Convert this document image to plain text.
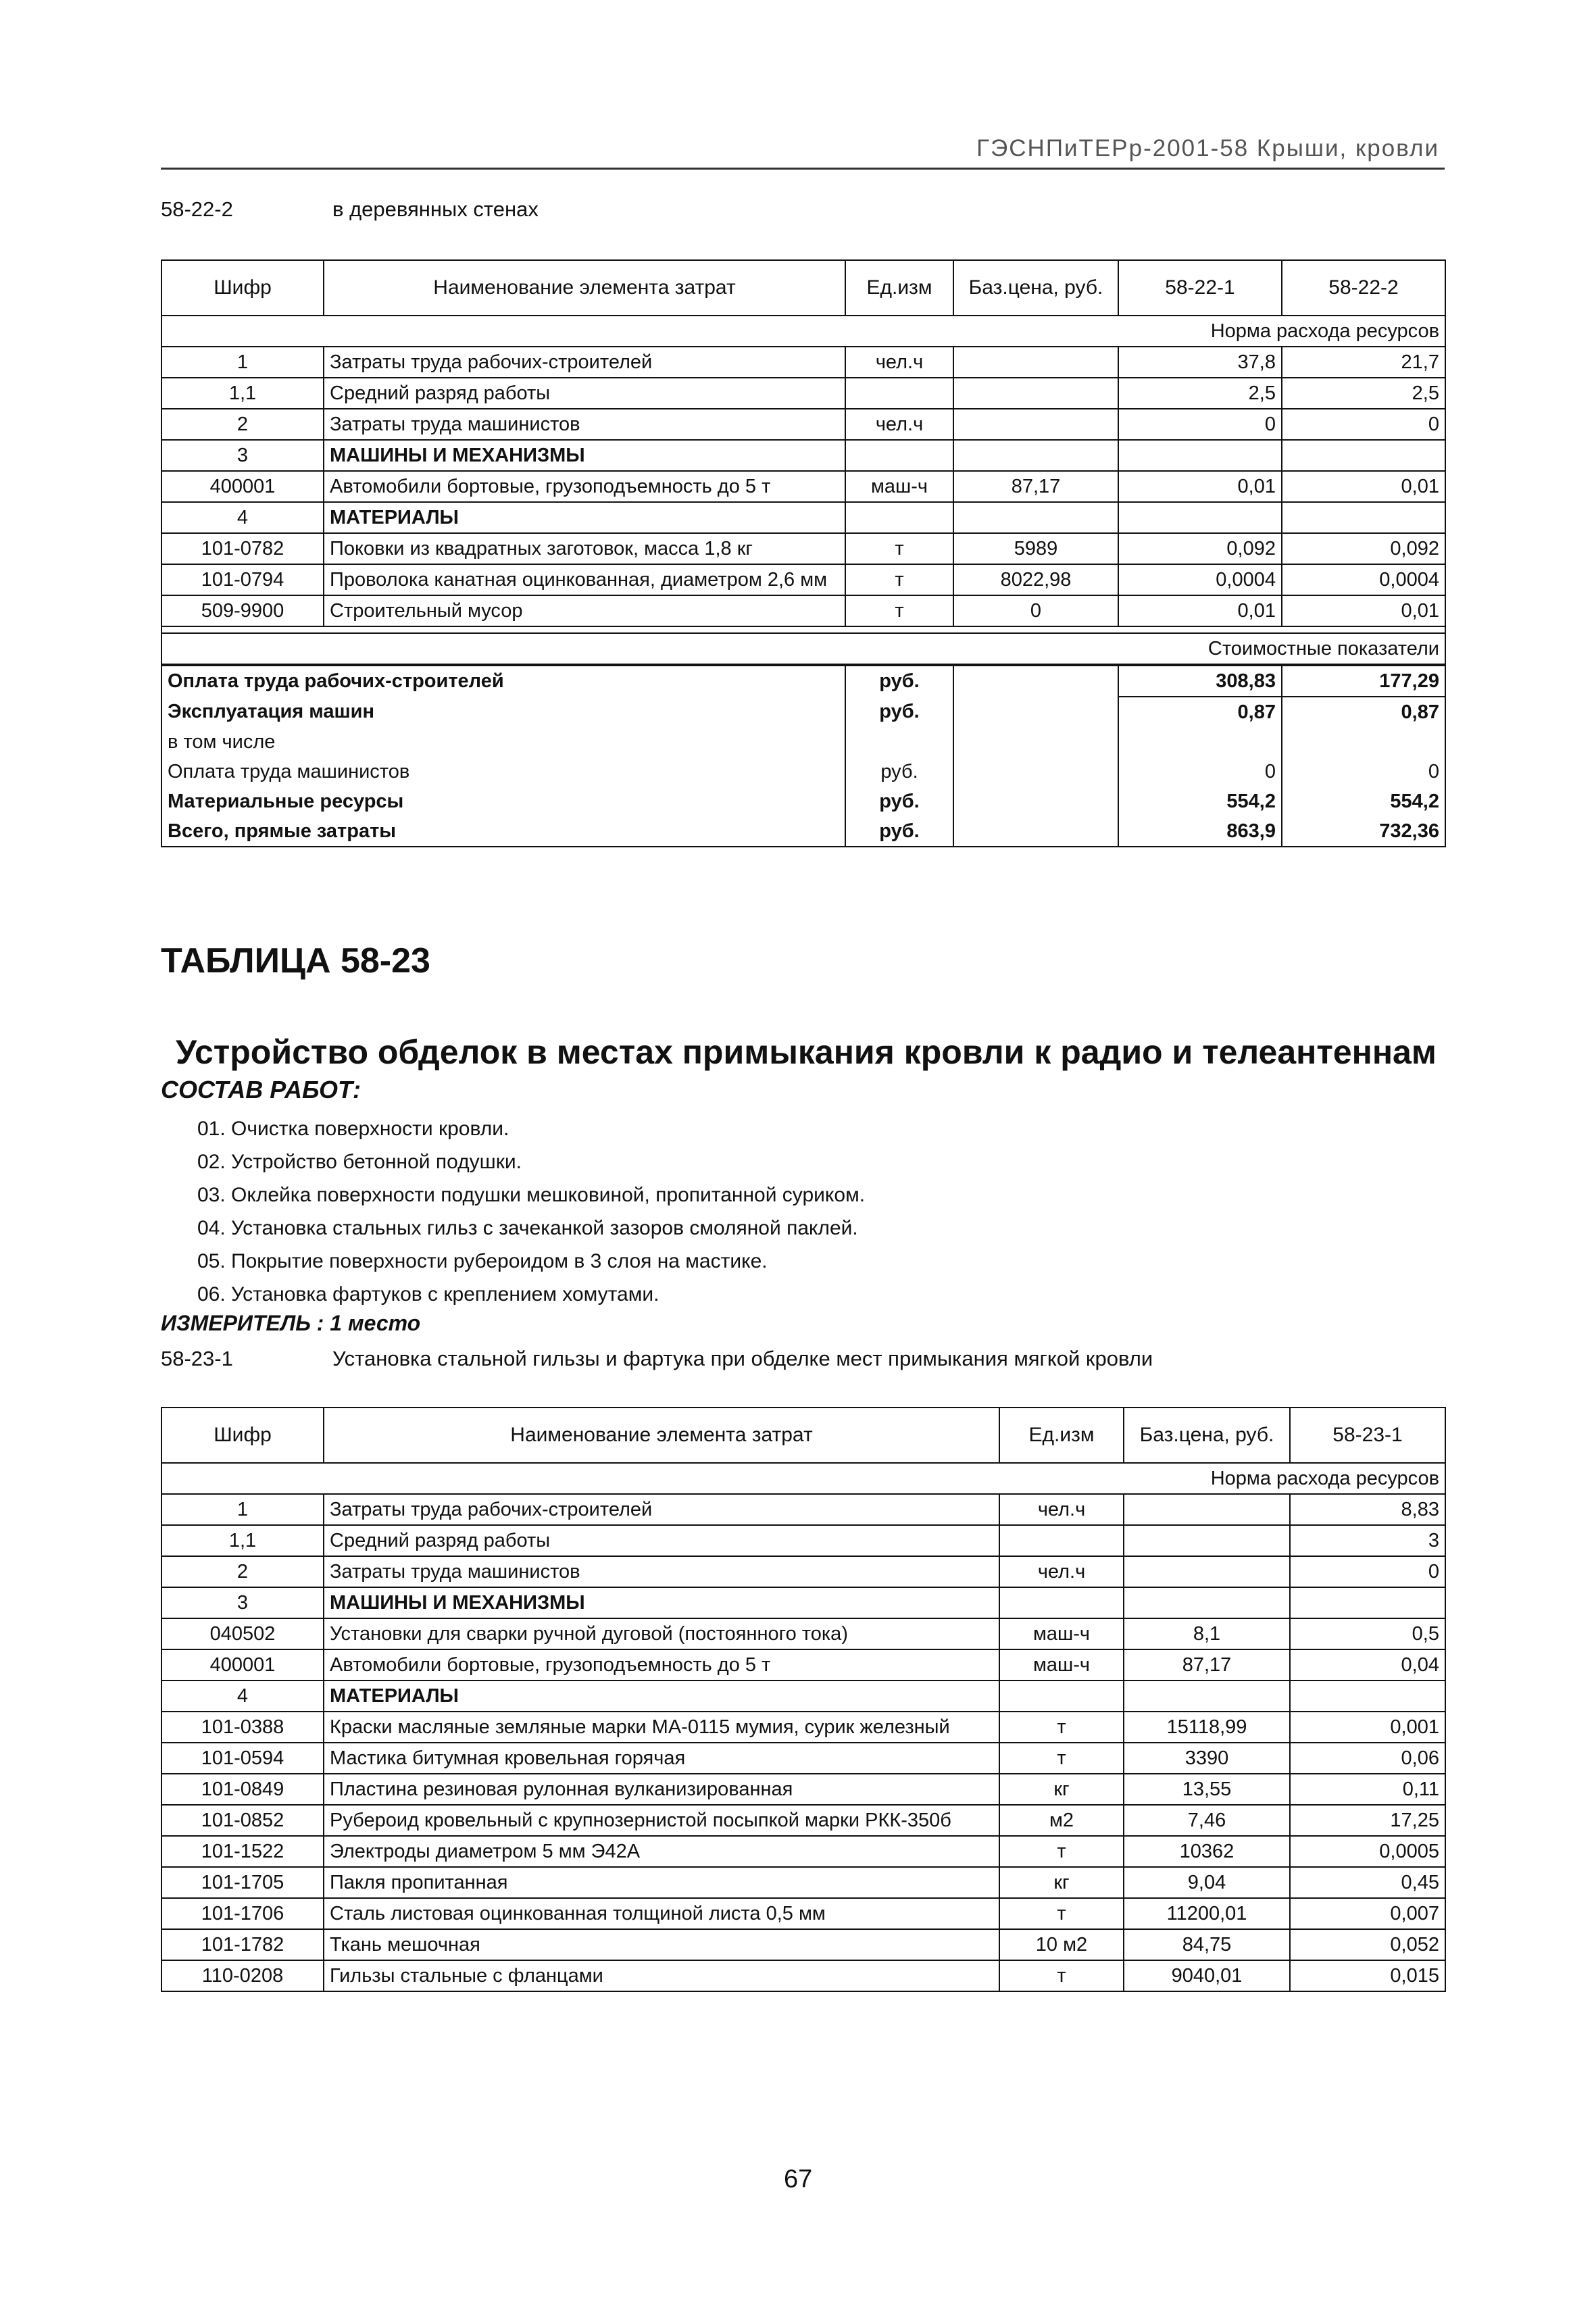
ГЭСНПиТЕРр-2001-58 Крыши, кровли
58-22-2	в деревянных стенах
Шифр	Наименование элемента затрат	Ед.изм	Баз.цена, руб.	58-22-1	58-22-2
Норма расхода ресурсов					
1	Затраты труда рабочих-строителей	чел.ч		37,8	21,7
1,1	Средний разряд работы			2,5	2,5
2	Затраты труда машинистов	чел.ч		0	0
3	МАШИНЫ И МЕХАНИЗМЫ				
400001	Автомобили бортовые, грузоподъемность до 5 т	маш-ч	87,17	0,01	0,01
4	МАТЕРИАЛЫ				
101-0782	Поковки из квадратных заготовок, масса 1,8 кг	т	5989	0,092	0,092
101-0794	Проволока канатная оцинкованная, диаметром 2,6 мм	т	8022,98	0,0004	0,0004
509-9900	Строительный мусор	т	0	0,01	0,01

Стоимостные показатели					
Оплата труда рабочих-строителей		руб.		308,83	177,29
Эксплуатация машин		руб.		0,87	0,87
в том числе					
Оплата труда машинистов		руб.		0	0
Материальные ресурсы		руб.		554,2	554,2
Всего, прямые затраты		руб.		863,9	732,36
ТАБЛИЦА 58-23
Устройство обделок в местах примыкания кровли к радио и телеантеннам
СОСТАВ РАБОТ:
01. Очистка поверхности кровли.
02. Устройство бетонной подушки.
03. Оклейка поверхности подушки мешковиной, пропитанной суриком.
04. Установка стальных гильз с зачеканкой зазоров смоляной паклей.
05. Покрытие поверхности рубероидом в 3 слоя на мастике.
06. Установка фартуков с креплением хомутами.
ИЗМЕРИТЕЛЬ : 1 место
58-23-1	Установка стальной гильзы и фартука при обделке мест примыкания мягкой кровли
Шифр	Наименование элемента затрат	Ед.изм	Баз.цена, руб.	58-23-1
Норма расхода ресурсов				
1	Затраты труда рабочих-строителей	чел.ч		8,83
1,1	Средний разряд работы			3
2	Затраты труда машинистов	чел.ч		0
3	МАШИНЫ И МЕХАНИЗМЫ			
040502	Установки для сварки ручной дуговой (постоянного тока)	маш-ч	8,1	0,5
400001	Автомобили бортовые, грузоподъемность до 5 т	маш-ч	87,17	0,04
4	МАТЕРИАЛЫ			
101-0388	Краски масляные земляные марки МА-0115 мумия, сурик железный	т	15118,99	0,001
101-0594	Мастика битумная кровельная горячая	т	3390	0,06
101-0849	Пластина резиновая рулонная вулканизированная	кг	13,55	0,11
101-0852	Рубероид кровельный с крупнозернистой посыпкой марки РКК-350б	м2	7,46	17,25
101-1522	Электроды диаметром 5 мм Э42А	т	10362	0,0005
101-1705	Пакля пропитанная	кг	9,04	0,45
101-1706	Сталь листовая оцинкованная толщиной листа 0,5 мм	т	11200,01	0,007
101-1782	Ткань мешочная	10 м2	84,75	0,052
110-0208	Гильзы стальные с фланцами	т	9040,01	0,015
67
